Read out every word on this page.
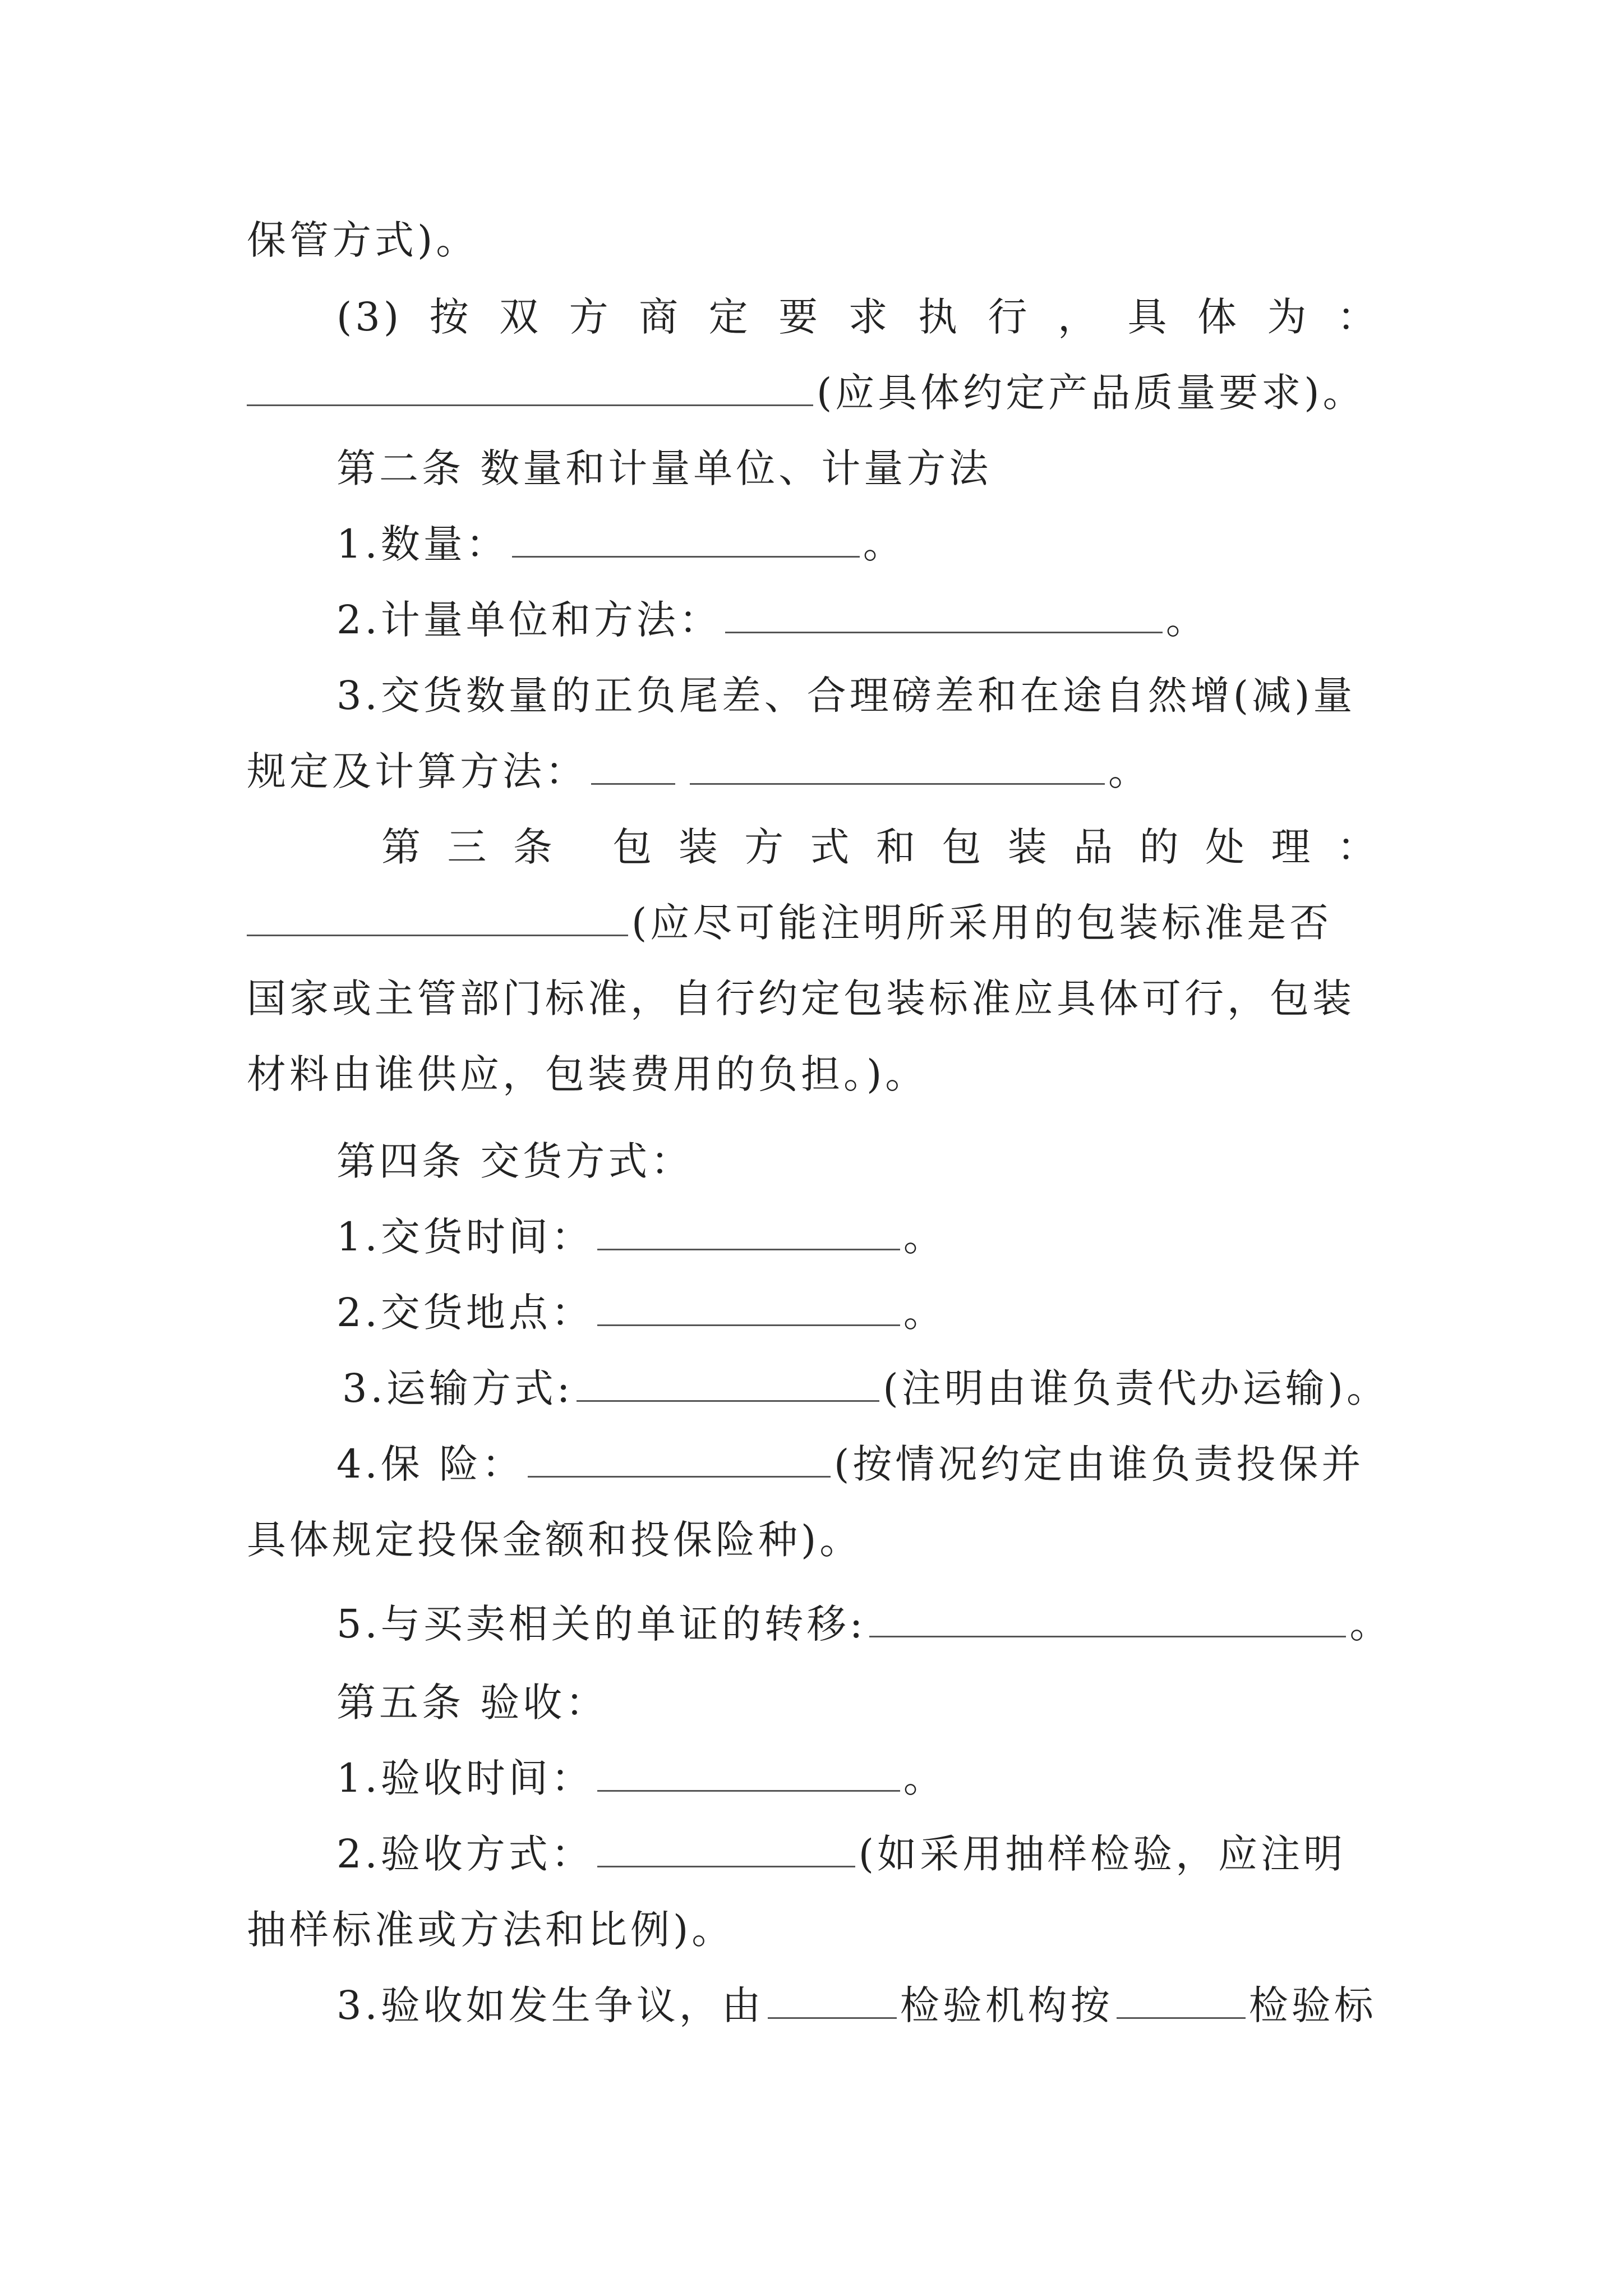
保管方式)。
(3) 按 双 方 商 定 要 求 执 行 ， 具 体 为 ：
(应具体约定产品质量要求)。
第二条 数量和计量单位、计量方法
1.数量：	。
2.计量单位和方法：	。
3.交货数量的正负尾差、合理磅差和在途自然增(减)量
规定及计算方法：	。
第 三 条 包 装 方 式 和 包 装 品 的 处 理 ：
(应尽可能注明所采用的包装标准是否
国家或主管部门标准，自行约定包装标准应具体可行，包装
材料由谁供应，包装费用的负担。)。
第四条 交货方式：
1.交货时间：	。
2.交货地点：	。
3.运输方式:	(注明由谁负责代办运输)。
4.保 险：	(按情况约定由谁负责投保并
具体规定投保金额和投保险种)。
5.与买卖相关的单证的转移:	。
第五条 验收：
1.验收时间：	。
2.验收方式：	(如采用抽样检验，应注明
抽样标准或方法和比例)。
3.验收如发生争议，由	检验机构按	检验标
